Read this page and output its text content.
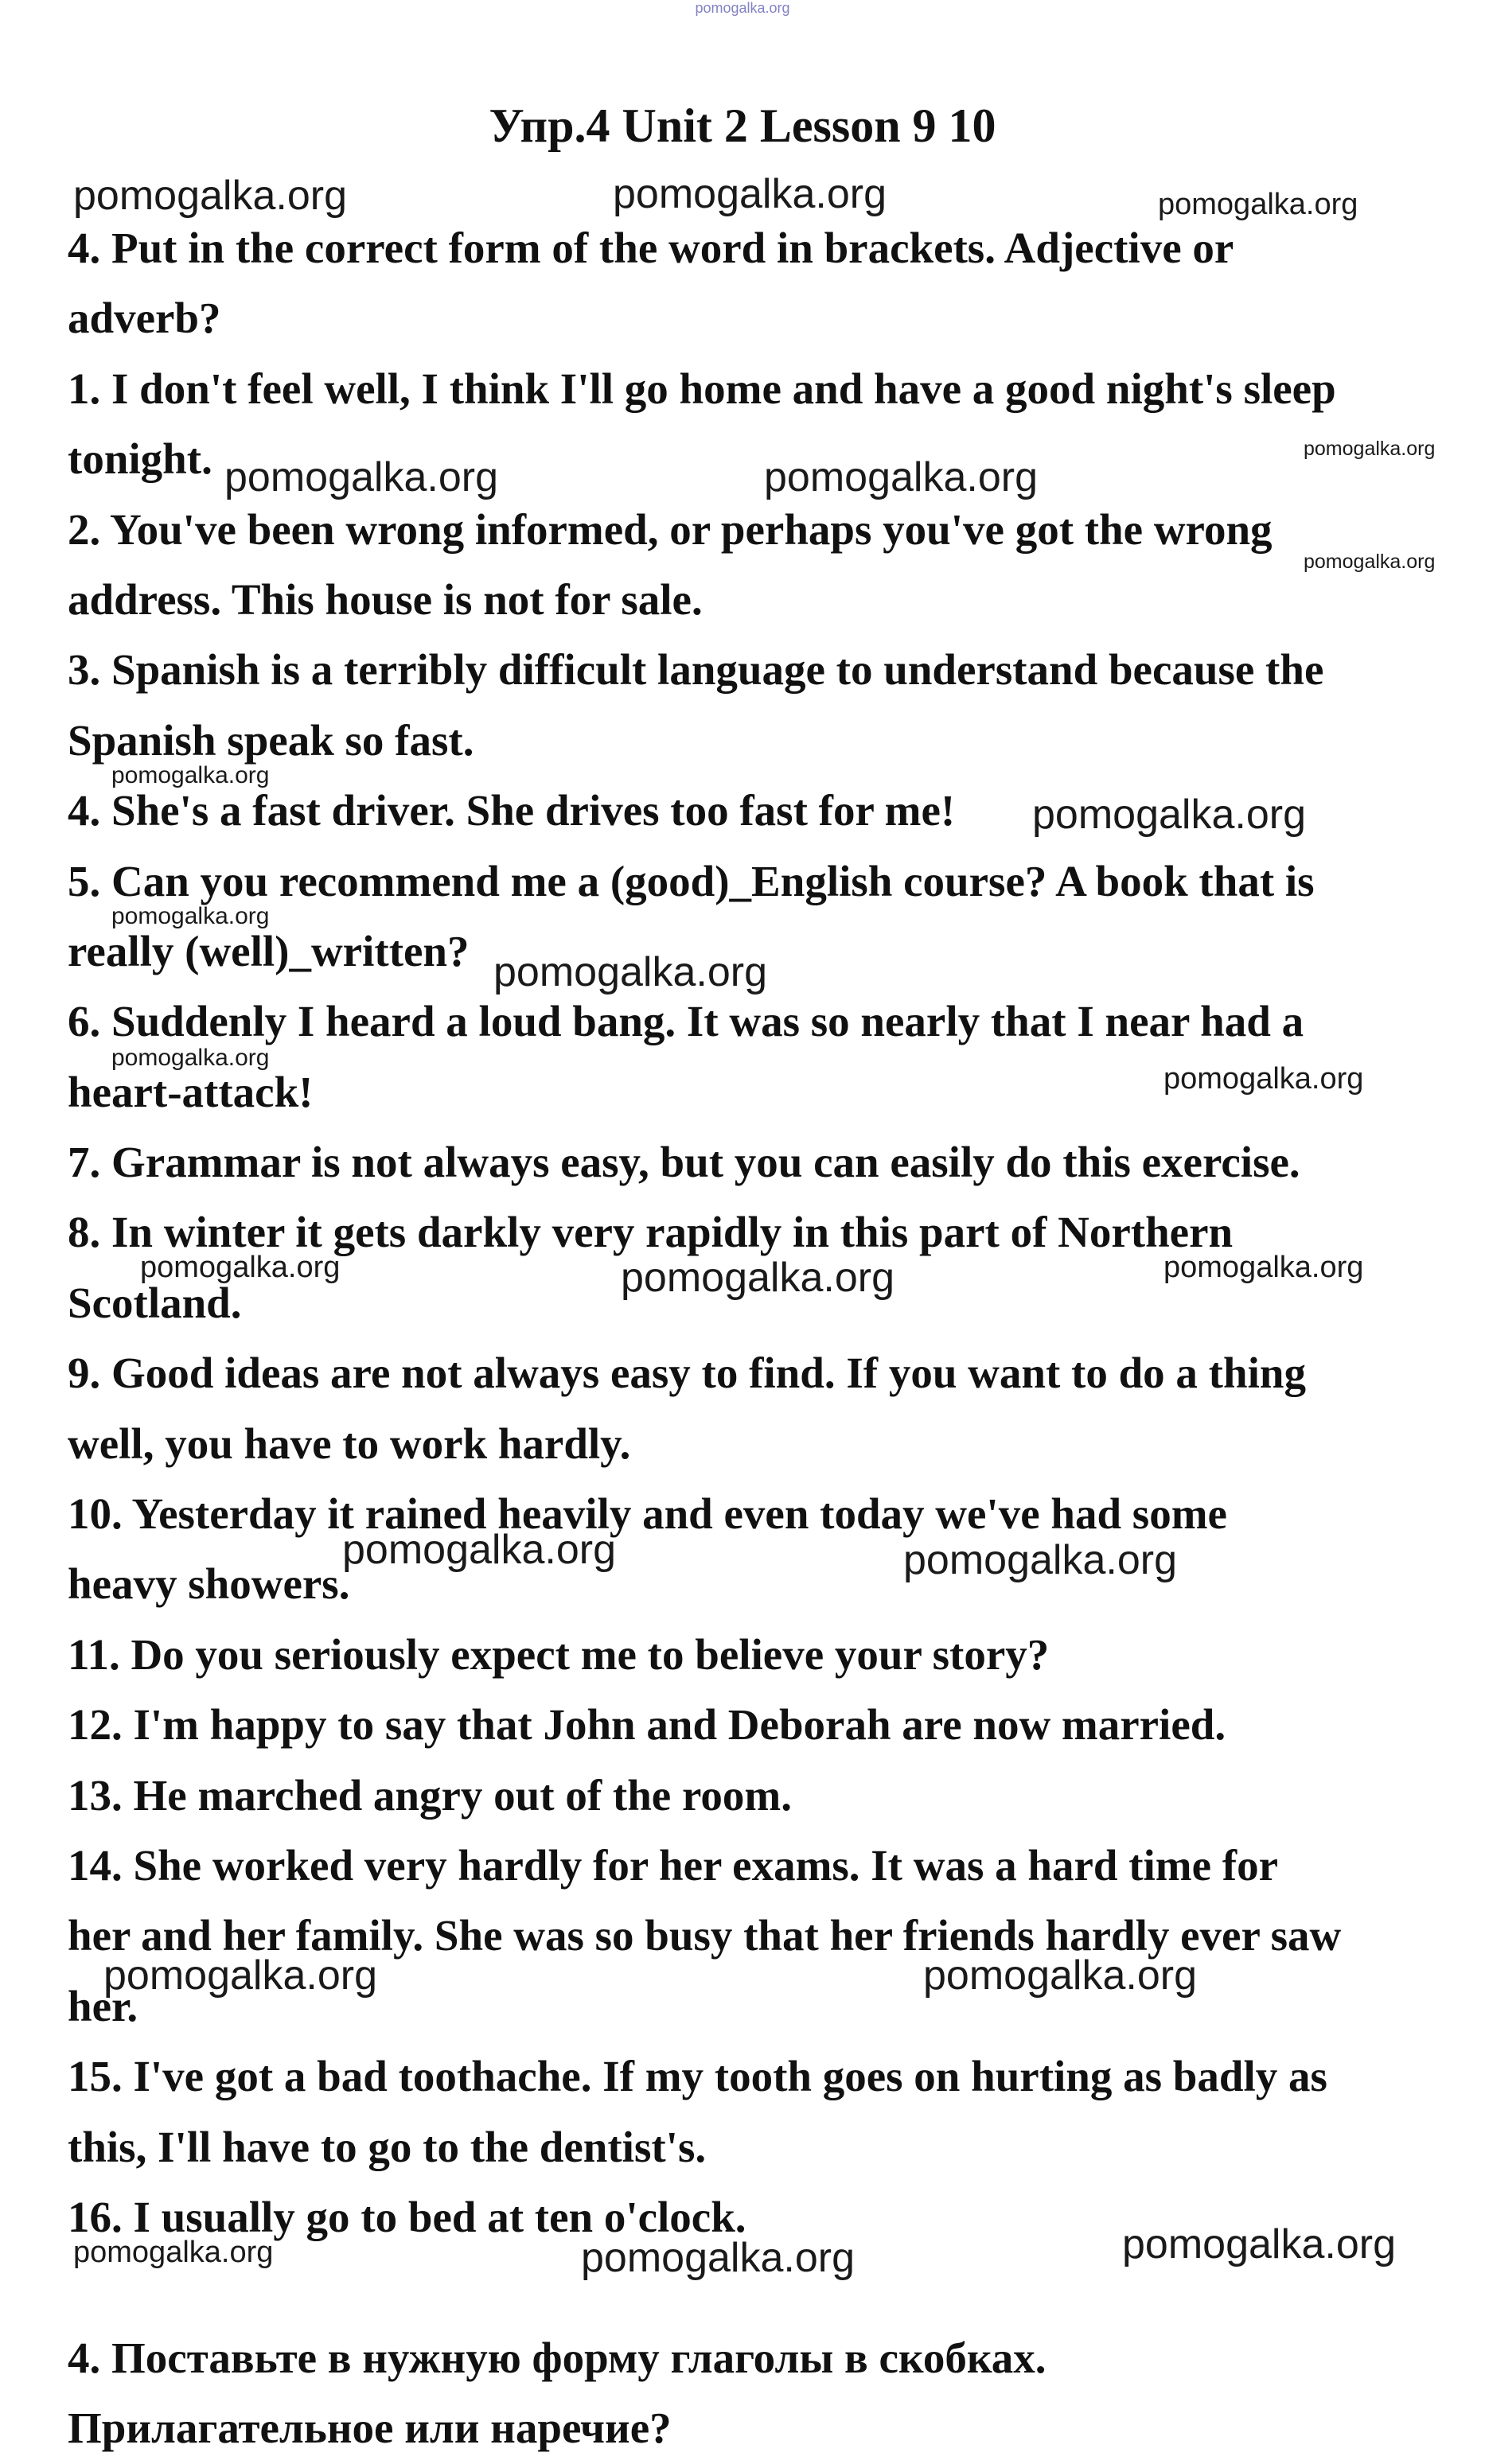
pomogalka.org
Упр.4 Unit 2 Lesson 9 10
4. Put in the correct form of the word in brackets. Adjective or
adverb?
1. I don't feel well, I think I'll go home and have a good night's sleep
tonight.
2. You've been wrong informed, or perhaps you've got the wrong
address. This house is not for sale.
3. Spanish is a terribly difficult language to understand because the
Spanish speak so fast.
4. She's a fast driver. She drives too fast for me!
5. Can you recommend me a (good)_English course? A book that is
really (well)_written?
6. Suddenly I heard a loud bang. It was so nearly that I near had a
heart-attack!
7. Grammar is not always easy, but you can easily do this exercise.
8. In winter it gets darkly very rapidly in this part of Northern
Scotland.
9. Good ideas are not always easy to find. If you want to do a thing
well, you have to work hardly.
10. Yesterday it rained heavily and even today we've had some
heavy showers.
11. Do you seriously expect me to believe your story?
12. I'm happy to say that John and Deborah are now married.
13. He marched angry out of the room.
14. She worked very hardly for her exams. It was a hard time for
her and her family. She was so busy that her friends hardly ever saw
her.
15. I've got a bad toothache. If my tooth goes on hurting as badly as
this, I'll have to go to the dentist's.
16. I usually go to bed at ten o'clock.
4. Поставьте в нужную форму глаголы в скобках.
Прилагательное или наречие?
pomogalka.org	pomogalka.org	pomogalka.org
pomogalka.org
pomogalka.org	pomogalka.org
pomogalka.org
pomogalka.org
pomogalka.org
pomogalka.org
pomogalka.org
pomogalka.org
pomogalka.org
pomogalka.org	pomogalka.org	pomogalka.org
pomogalka.org	pomogalka.org
pomogalka.org	pomogalka.org
pomogalka.org	pomogalka.org	pomogalka.org
